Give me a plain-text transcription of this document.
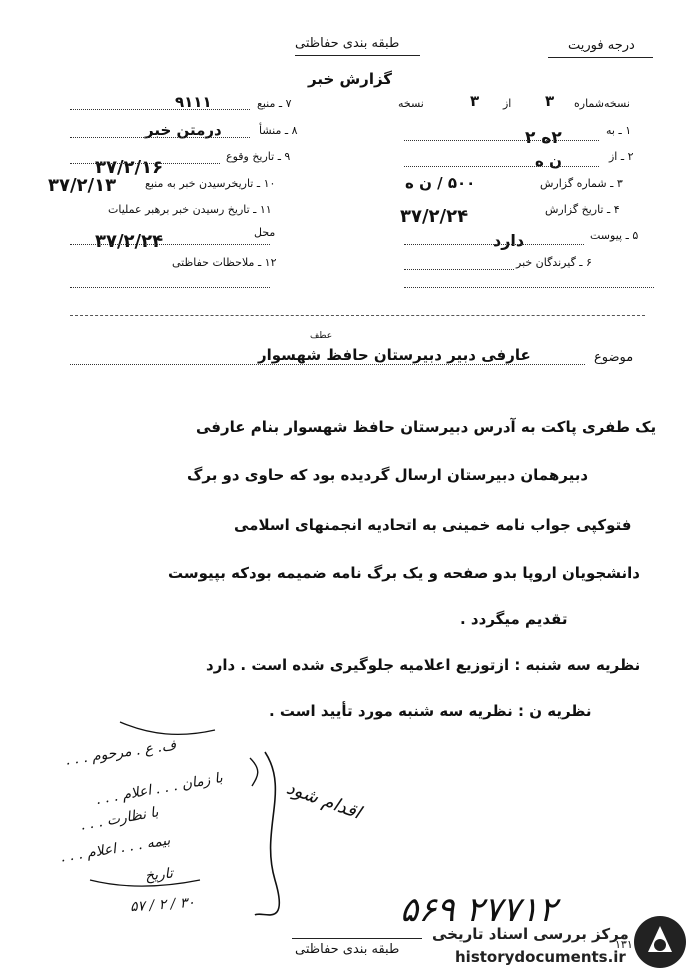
طبقه بندی حفاظتی	درجه فوریت
گزارش خبر
۷ ـ منبع
۹۱۱۱
۸ ـ منشأ
درمتن خبر
۹ ـ تاریخ وقوع
۳۷/۲/۱۶
۱۰ ـ تاریخرسیدن خبر به منبع
۳۷/۲/۱۳
۱۱ ـ تاریخ رسیدن خبر برهبر عملیات
محل
۳۷/۲/۲۴
۱۲ ـ ملاحظات حفاظتی
نسخه	۳ از ۳ نسخه‌شماره
۱ ـ به
۲ه ۲
۲ ـ از
ن ه
۳ ـ شماره گزارش
۵۰۰ / ن ه
۴ ـ تاریخ گزارش
۳۷/۲/۲۴
۵ ـ پیوست
دارد
۶ ـ گیرندگان خبر
عطف
موضوع
عارفی دبیر دبیرستان حافظ شهسوار
یک طفری پاکت به آدرس دبیرستان حافظ شهسوار بنام عارفی
دبیرهمان دبیرستان ارسال گردیده بود که حاوی دو برگ
فتوکپی جواب نامه خمینی به اتحادیه انجمنهای اسلامی
دانشجویان اروپا بدو صفحه و یک برگ نامه ضمیمه بودکه بپیوست
تقدیم میگردد .
نظریه سه شنبه : ازتوزیع اعلامیه جلوگیری شده است . دارد
نظریه ن : نظریه سه شنبه مورد تأیید است .
ف. ع . مرحوم . . .
با زمان . . . اعلام . . .
با نظارت . . .
بیمه . . . اعلام . . .
تاریخ
۳۰ / ۲ / ۵۷
اقدام شود
۲۷۷۱۲ ۵۶۹
مرکز بررسی اسناد تاریخی
historydocuments.ir
۱۳۱
طبقه بندی حفاظتی
